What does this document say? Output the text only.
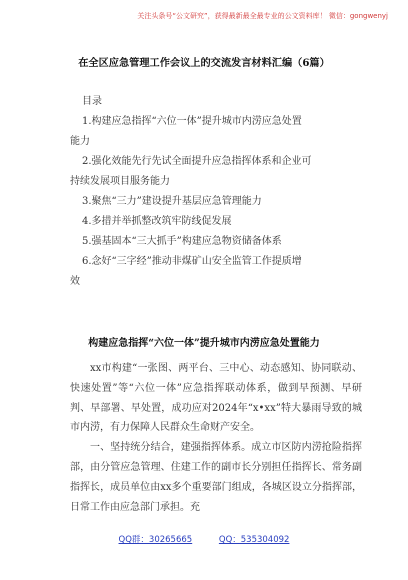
关注头条号“公文研究”，获得最新最全最专业的公文资料库！ 微信：gongwenyj
在全区应急管理工作会议上的交流发言材料汇编（6篇）
目录
1.构建应急指挥“六位一体”提升城市内涝应急处置
能力
2.强化效能先行先试全面提升应急指挥体系和企业可
持续发展项目服务能力
3.聚焦“三力”建设提升基层应急管理能力
4.多措并举抓整改筑牢防线促发展
5.强基固本“三大抓手”构建应急物资储备体系
6.念好“三字经”推动非煤矿山安全监管工作提质增
效
构建应急指挥“六位一体”提升城市内涝应急处置能力

xx市构建“一张图、两平台、三中心、动态感知、协同联动、快速处置”等“六位一体”应急指挥联动体系，做到早预测、早研判、早部署、早处置，成功应对2024年“x•xx”特大暴雨导致的城市内涝，有力保障人民群众生命财产安全。

一、坚持统分结合，建强指挥体系。成立市区防内涝抢险指挥部，由分管应急管理、住建工作的副市长分别担任指挥长、常务副指挥长，成员单位由xx多个重要部门组成，各城区设立分指挥部，日常工作由应急部门承担。充

QQ群：30265665	QQ：535304092
